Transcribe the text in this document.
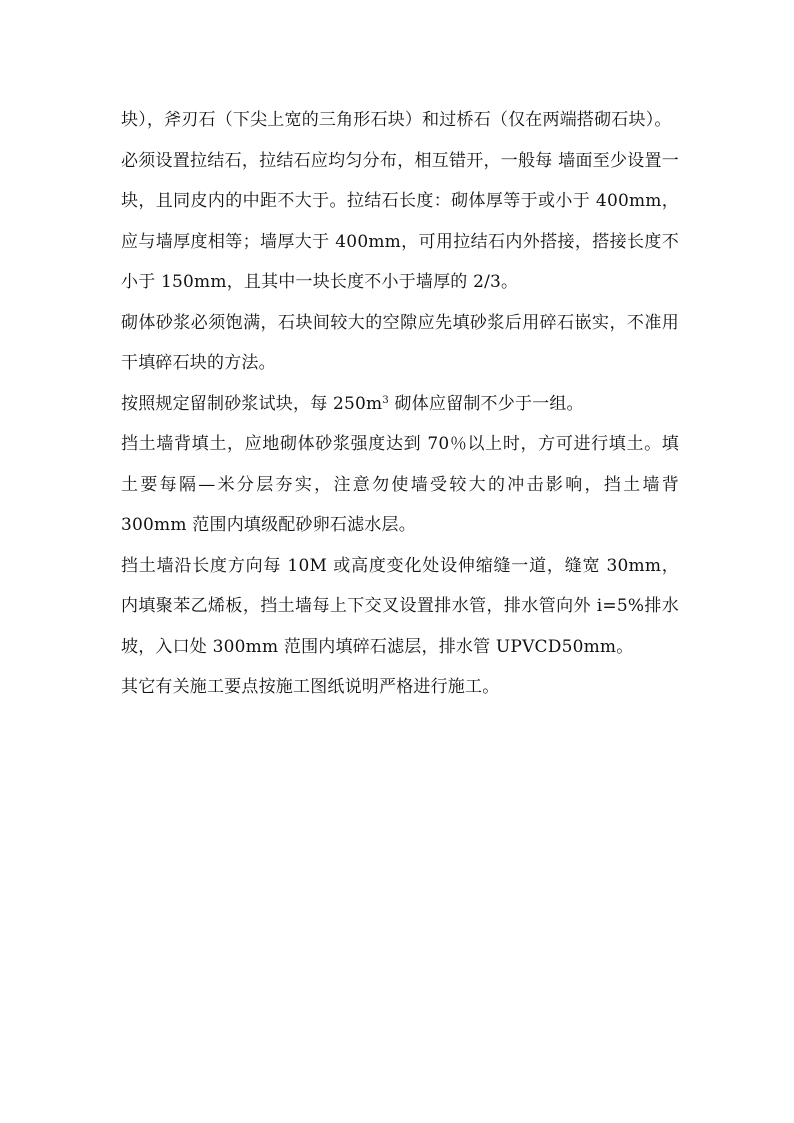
块），斧刃石（下尖上宽的三角形石块）和过桥石（仅在两端搭砌石块）。

必须设置拉结石，拉结石应均匀分布，相互错开，一般每 墙面至少设置一块，且同皮内的中距不大于。拉结石长度：砌体厚等于或小于 400mm，应与墙厚度相等；墙厚大于 400mm，可用拉结石内外搭接，搭接长度不小于 150mm，且其中一块长度不小于墙厚的 2/3。

砌体砂浆必须饱满，石块间较大的空隙应先填砂浆后用碎石嵌实，不准用干填碎石块的方法。

按照规定留制砂浆试块，每 $250m^3$ 砌体应留制不少于一组。

挡土墙背填土，应地砌体砂浆强度达到 70％以上时，方可进行填土。填土要每隔—米分层夯实，注意勿使墙受较大的冲击影响，挡土墙背 300mm 范围内填级配砂卵石滤水层。

挡土墙沿长度方向每 10M 或高度变化处设伸缩缝一道，缝宽 30mm，内填聚苯乙烯板，挡土墙每上下交叉设置排水管，排水管向外 i=5%排水坡，入口处 300mm 范围内填碎石滤层，排水管 UPVCD50mm。

其它有关施工要点按施工图纸说明严格进行施工。
